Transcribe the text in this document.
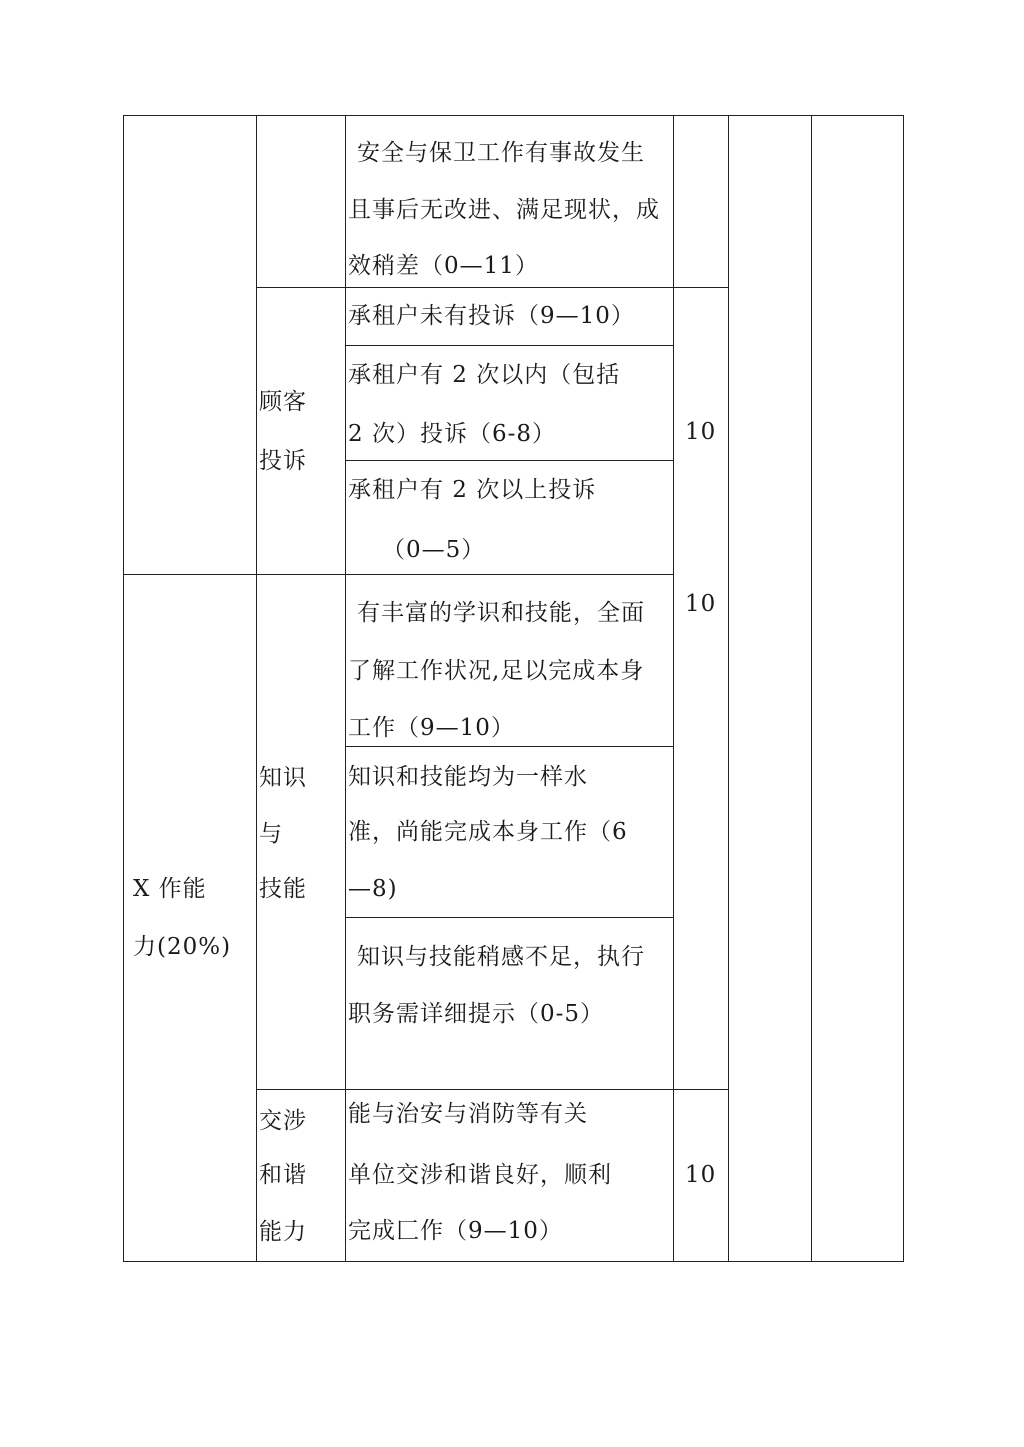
安全与保卫工作有事故发生
且事后无改进、满足现状，成
效稍差（0—11）
顾客
投诉
承租户未有投诉（9—10）
承租户有 2 次以内（包括
2 次）投诉（6-8）
承租户有 2 次以上投诉
（0—5）
10
X 作能
力(20%)
知识
与
技能
有丰富的学识和技能，全面
了解工作状况,足以完成本身
工作（9—10）
知识和技能均为一样水
准，尚能完成本身工作（6
—8)
知识与技能稍感不足，执行
职务需详细提示（0-5）
10
交涉
和谐
能力
能与治安与消防等有关
单位交涉和谐良好，顺利
完成匚作（9—10）
10
